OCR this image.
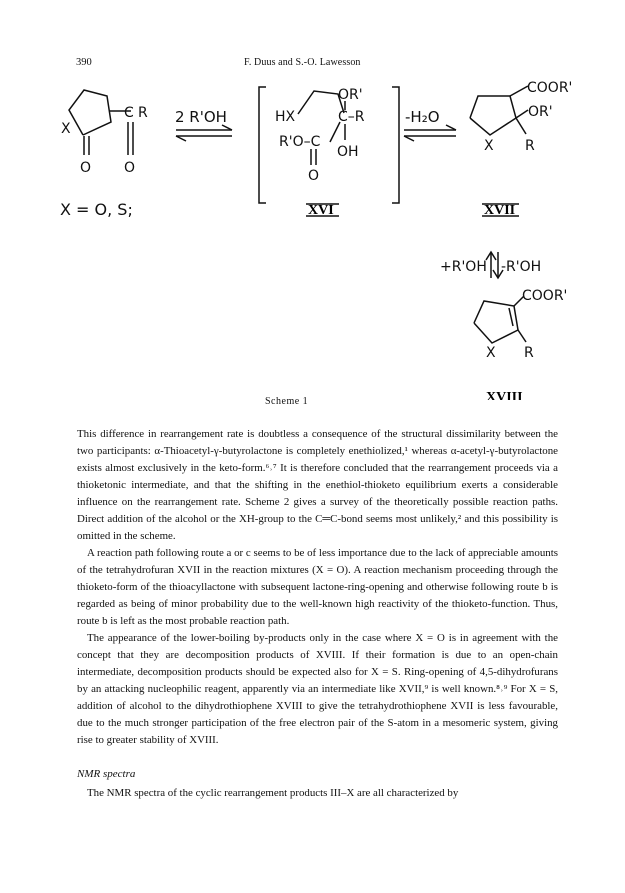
390	F. Duus and S.-O. Lawesson
X
C R
O O
X = O, S;
2 R'OH	HX
OR'
C–R
R'O–C
OH
O
-H₂O
COOR'
OR'
X R
+R'OH -R'OH
COOR'
X R
XVI	XVII
XVIII
Scheme 1

This difference in rearrangement rate is doubtless a consequence of the structural dissimilarity between the two participants: α-Thioacetyl-γ-butyrolactone is completely enethiolized,¹ whereas α-acetyl-γ-butyrolactone exists almost exclusively in the keto-form.⁶˒⁷ It is therefore concluded that the rearrangement proceeds via a thioketonic intermediate, and that the shifting in the enethiol-thioketo equilibrium exerts a considerable influence on the rearrangement rate. Scheme 2 gives a survey of the theoretically possible reaction paths. Direct addition of the alcohol or the XH-group to the C═C-bond seems most unlikely,² and this possibility is omitted in the scheme.

A reaction path following route a or c seems to be of less importance due to the lack of appreciable amounts of the tetrahydrofuran XVII in the reaction mixtures (X = O). A reaction mechanism proceeding through the thioketo-form of the thioacyllactone with subsequent lactone-ring-opening and otherwise following route b is regarded as being of minor probability due to the well-known high reactivity of the thioketo-function. Thus, route b is left as the most probable reaction path.

The appearance of the lower-boiling by-products only in the case where X = O is in agreement with the concept that they are decomposition products of XVIII. If their formation is due to an open-chain intermediate, decomposition products should be expected also for X = S. Ring-opening of 4,5-dihydrofurans by an attacking nucleophilic reagent, apparently via an intermediate like XVII,⁹ is well known.⁸˒⁹ For X = S, addition of alcohol to the dihydrothiophene XVIII to give the tetrahydrothiophene XVII is less favourable, due to the much stronger participation of the free electron pair of the S-atom in a mesomeric system, giving rise to greater stability of XVIII.

NMR spectra
The NMR spectra of the cyclic rearrangement products III–X are all characterized by
